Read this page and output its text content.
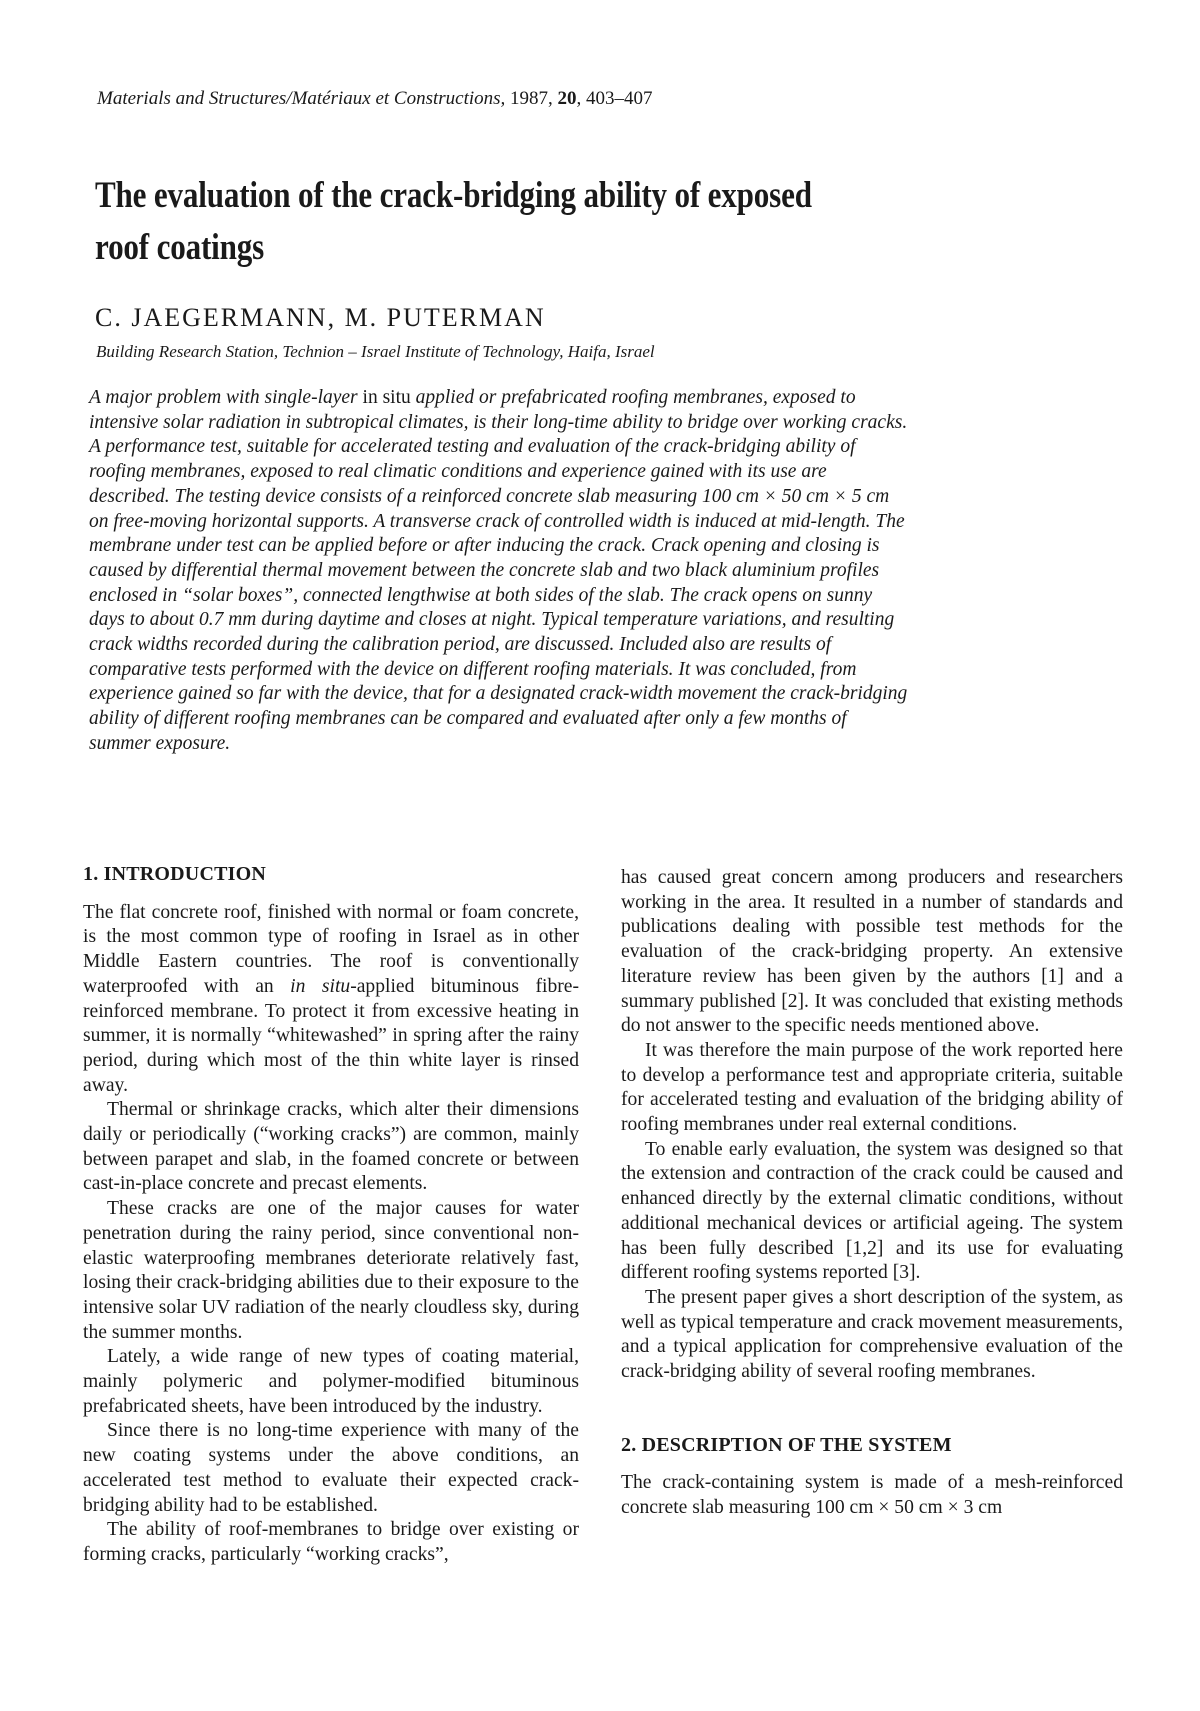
Materials and Structures/Matériaux et Constructions, 1987, 20, 403–407
The evaluation of the crack-bridging ability of exposed roof coatings
C. JAEGERMANN, M. PUTERMAN
Building Research Station, Technion – Israel Institute of Technology, Haifa, Israel
A major problem with single-layer in situ applied or prefabricated roofing membranes, exposed to intensive solar radiation in subtropical climates, is their long-time ability to bridge over working cracks. A performance test, suitable for accelerated testing and evaluation of the crack-bridging ability of roofing membranes, exposed to real climatic conditions and experience gained with its use are described. The testing device consists of a reinforced concrete slab measuring 100 cm × 50 cm × 5 cm on free-moving horizontal supports. A transverse crack of controlled width is induced at mid-length. The membrane under test can be applied before or after inducing the crack. Crack opening and closing is caused by differential thermal movement between the concrete slab and two black aluminium profiles enclosed in “solar boxes”, connected lengthwise at both sides of the slab. The crack opens on sunny days to about 0.7 mm during daytime and closes at night. Typical temperature variations, and resulting crack widths recorded during the calibration period, are discussed. Included also are results of comparative tests performed with the device on different roofing materials. It was concluded, from experience gained so far with the device, that for a designated crack-width movement the crack-bridging ability of different roofing membranes can be compared and evaluated after only a few months of summer exposure.
1. INTRODUCTION

The flat concrete roof, finished with normal or foam concrete, is the most common type of roofing in Israel as in other Middle Eastern countries. The roof is conventionally waterproofed with an in situ-applied bituminous fibre-reinforced membrane. To protect it from excessive heating in summer, it is normally “whitewashed” in spring after the rainy period, during which most of the thin white layer is rinsed away.

Thermal or shrinkage cracks, which alter their dimensions daily or periodically (“working cracks”) are common, mainly between parapet and slab, in the foamed concrete or between cast-in-place concrete and precast elements.

These cracks are one of the major causes for water penetration during the rainy period, since conventional non-elastic waterproofing membranes deteriorate relatively fast, losing their crack-bridging abilities due to their exposure to the intensive solar UV radiation of the nearly cloudless sky, during the summer months.

Lately, a wide range of new types of coating material, mainly polymeric and polymer-modified bituminous prefabricated sheets, have been introduced by the industry.

Since there is no long-time experience with many of the new coating systems under the above conditions, an accelerated test method to evaluate their expected crack-bridging ability had to be established.

The ability of roof-membranes to bridge over existing or forming cracks, particularly “working cracks”,

has caused great concern among producers and researchers working in the area. It resulted in a number of standards and publications dealing with possible test methods for the evaluation of the crack-bridging property. An extensive literature review has been given by the authors [1] and a summary published [2]. It was concluded that existing methods do not answer to the specific needs mentioned above.

It was therefore the main purpose of the work reported here to develop a performance test and appropriate criteria, suitable for accelerated testing and evaluation of the bridging ability of roofing membranes under real external conditions.

To enable early evaluation, the system was designed so that the extension and contraction of the crack could be caused and enhanced directly by the external climatic conditions, without additional mechanical devices or artificial ageing. The system has been fully described [1,2] and its use for evaluating different roofing systems reported [3].

The present paper gives a short description of the system, as well as typical temperature and crack movement measurements, and a typical application for comprehensive evaluation of the crack-bridging ability of several roofing membranes.

2. DESCRIPTION OF THE SYSTEM

The crack-containing system is made of a mesh-reinforced concrete slab measuring 100 cm × 50 cm × 3 cm
